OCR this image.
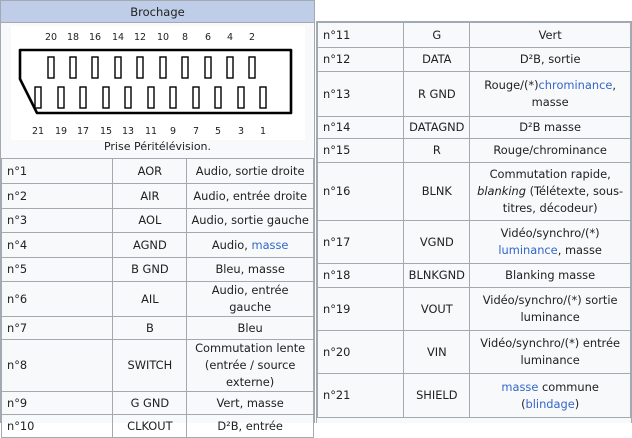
Brochage
20 18 16 14 12 10 8 6 4 2
21 19 17 15 13 11 9 7 5 3 1
Prise Péritélévision.
n°1	AOR	Audio, sortie droite
n°2	AIR	Audio, entrée droite
n°3	AOL	Audio, sortie gauche
n°4	AGND	Audio, masse
n°5	B GND	Bleu, masse
n°6	AIL	Audio, entrée gauche
n°7	B	Bleu
n°8	SWITCH	Commutation lente (entrée / source externe)
n°9	G GND	Vert, masse
n°10	CLKOUT	D²B, entrée
n°11	G	Vert
n°12	DATA	D²B, sortie
n°13	R GND	Rouge/(*)chrominance, masse
n°14	DATAGND	D²B masse
n°15	R	Rouge/chrominance
n°16	BLNK	Commutation rapide, blanking (Télétexte, sous-titres, décodeur)
n°17	VGND	Vidéo/synchro/(*) luminance, masse
n°18	BLNKGND	Blanking masse
n°19	VOUT	Vidéo/synchro/(*) sortie luminance
n°20	VIN	Vidéo/synchro/(*) entrée luminance
n°21	SHIELD	masse commune (blindage)
